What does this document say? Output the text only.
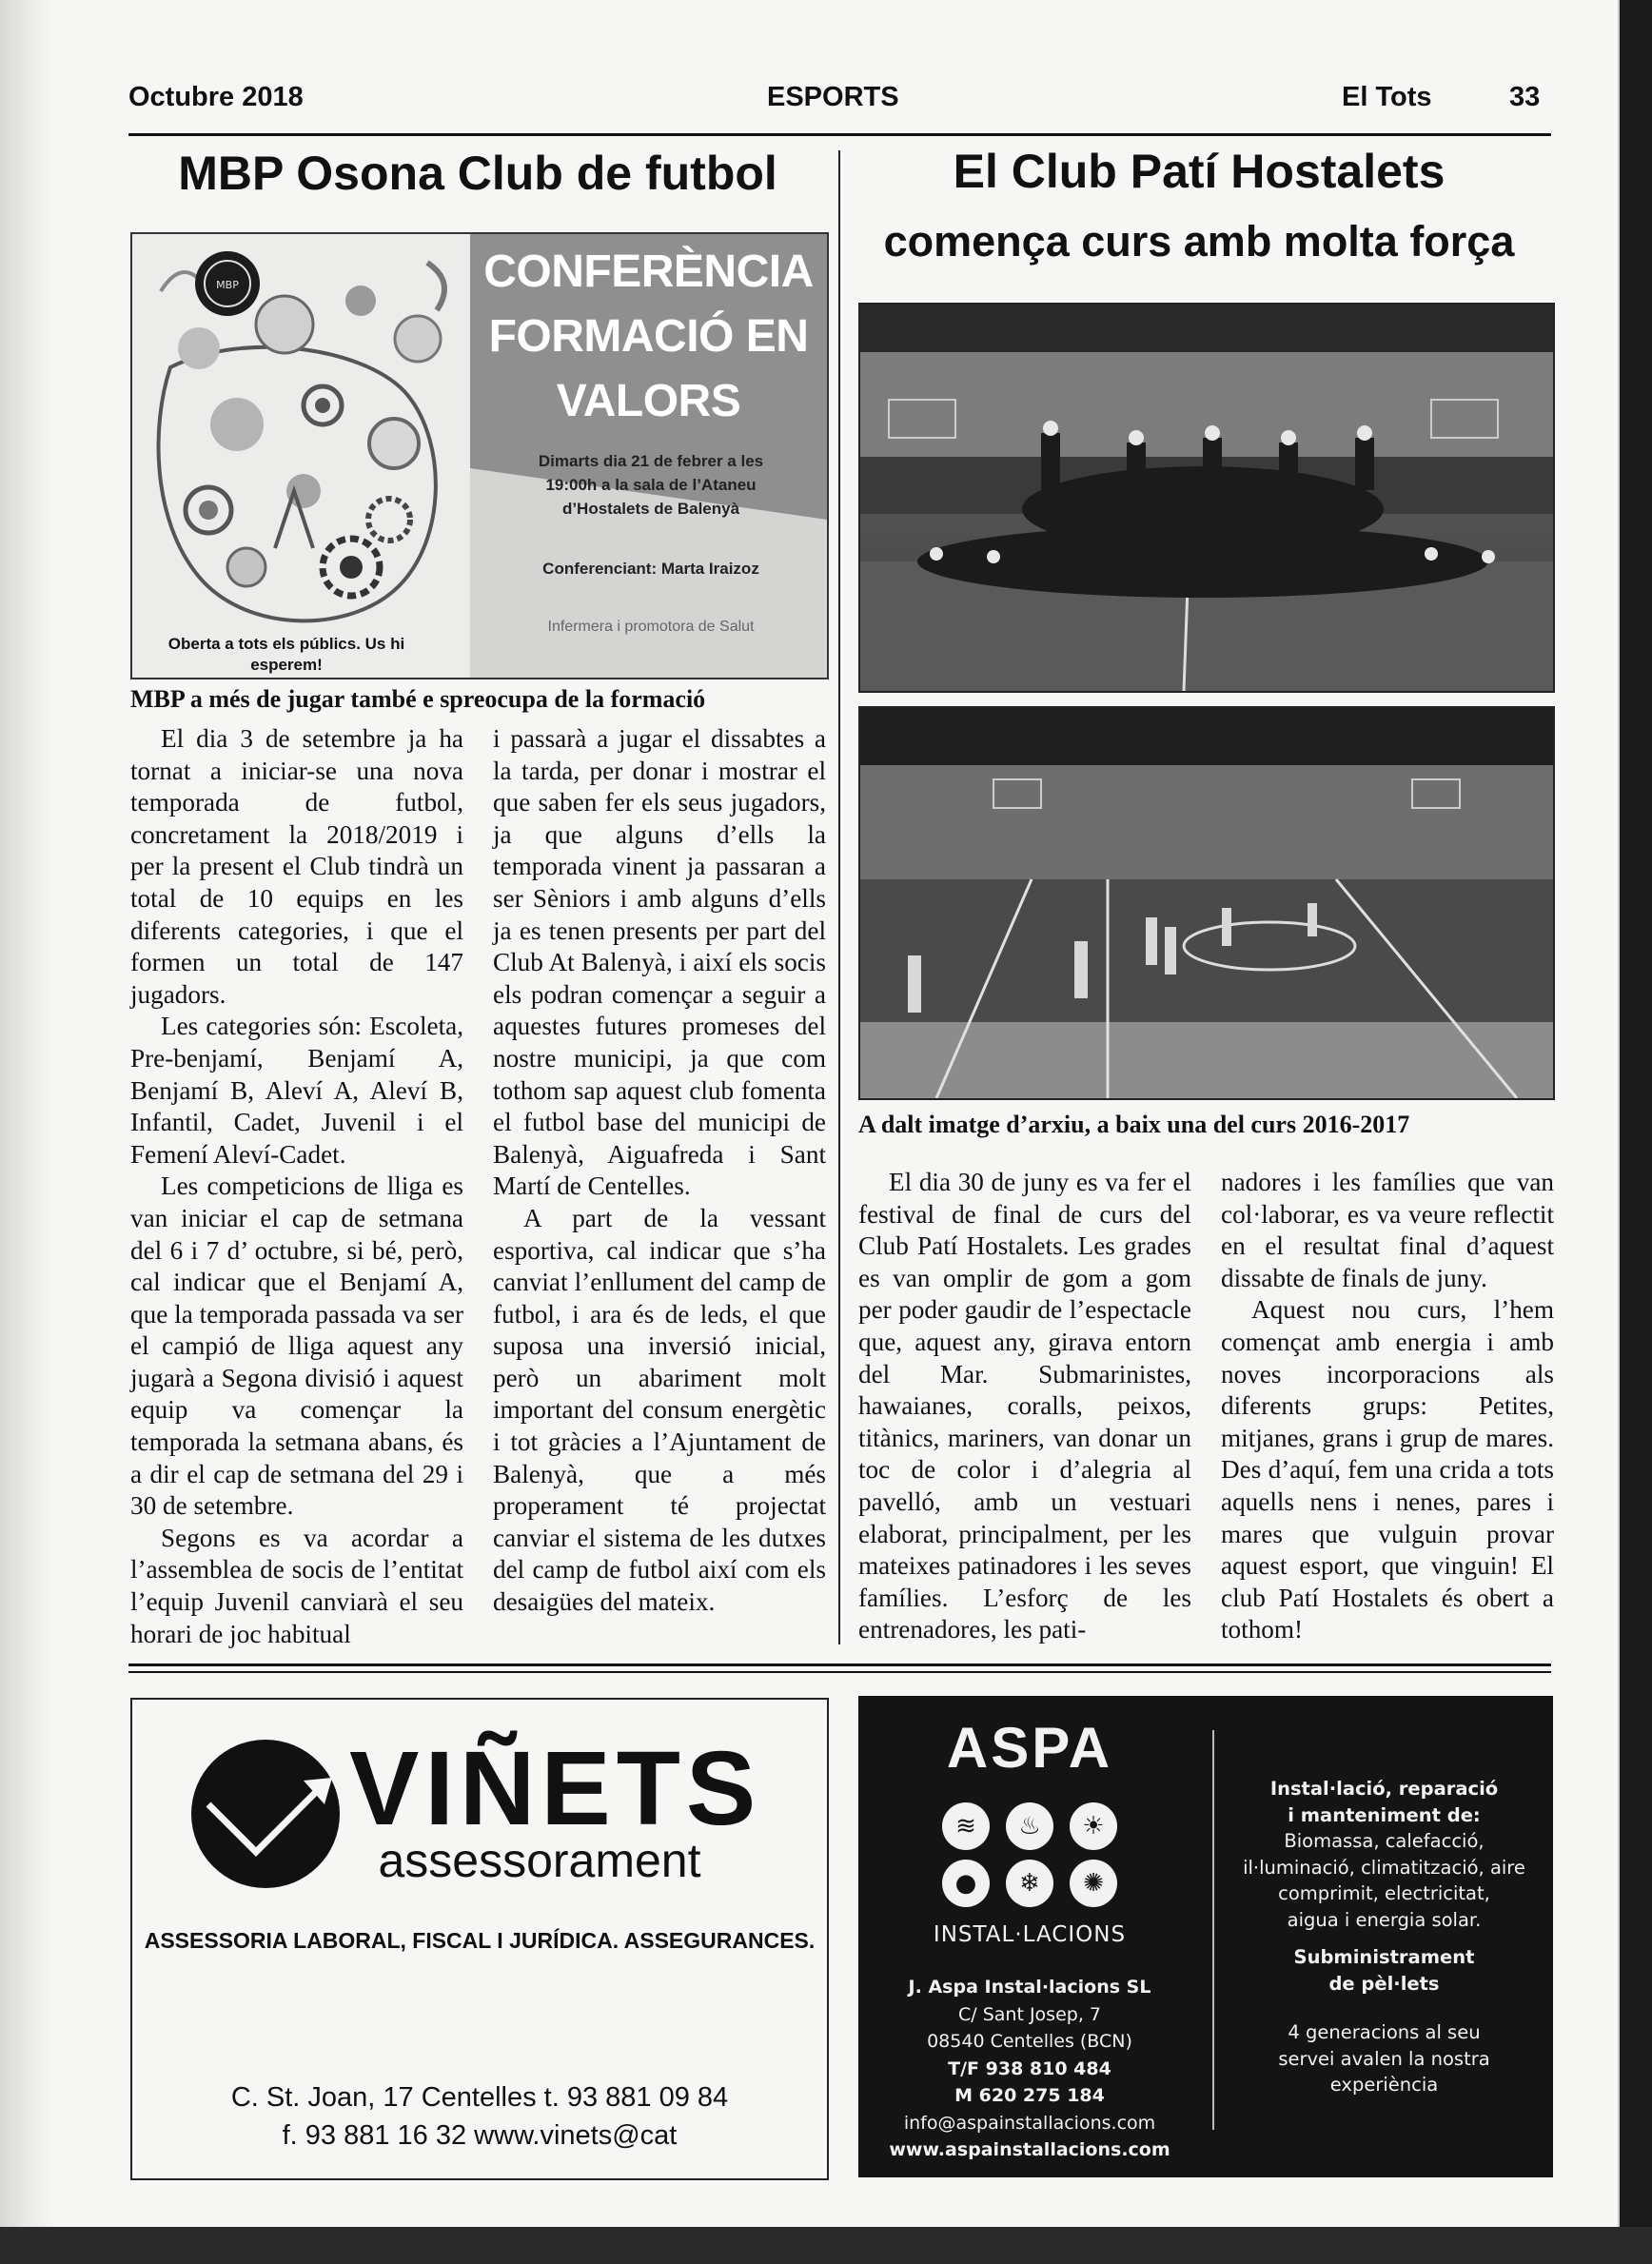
Octubre 2018	ESPORTS	El Tots	33
MBP Osona Club de futbol
MBP	CONFERÈNCIA
FORMACIÓ EN
VALORS
Dimarts dia 21 de febrer a les
19:00h a la sala de l’Ataneu
d’Hostalets de Balenyà
Conferenciant: Marta Iraizoz
Infermera i promotora de Salut
Oberta a tots els públics. Us hi
esperem!
MBP a més de jugar també e spreocupa de la formació

El dia 3 de setembre ja ha tornat a iniciar-se una nova temporada de futbol, concretament la 2018/2019 i per la present el Club tindrà un total de 10 equips en les diferents categories, i que el formen un total de 147 jugadors.

Les categories són: Escoleta, Pre-benjamí, Benjamí A, Benjamí B, Aleví A, Aleví B, Infantil, Cadet, Juvenil i el Femení Aleví-Cadet.

Les competicions de lliga es van iniciar el cap de setmana del 6 i 7 d’ octubre, si bé, però, cal indicar que el Benjamí A, que la temporada passada va ser el campió de lliga aquest any jugarà a Segona divisió i aquest equip va començar la temporada la setmana abans, és a dir el cap de setmana del 29 i 30 de setembre.

Segons es va acordar a l’assemblea de socis de l’entitat l’equip Juvenil canviarà el seu horari de joc habitual

i passarà a jugar el dissabtes a la tarda, per donar i mostrar el que saben fer els seus jugadors, ja que alguns d’ells la temporada vinent ja passaran a ser Sèniors i amb alguns d’ells ja es tenen presents per part del Club At Balenyà, i així els socis els podran començar a seguir a aquestes futures promeses del nostre municipi, ja que com tothom sap aquest club fomenta el futbol base del municipi de Balenyà, Aiguafreda i Sant Martí de Centelles.

A part de la vessant esportiva, cal indicar que s’ha canviat l’enllument del camp de futbol, i ara és de leds, el que suposa una inversió inicial, però un abariment molt important del consum energètic i tot gràcies a l’Ajuntament de Balenyà, que a més properament té projectat canviar el sistema de les dutxes del camp de futbol així com els desaigües del mateix.

El Club Patí Hostalets
comença curs amb molta força
A dalt imatge d’arxiu, a baix una del curs 2016-2017

El dia 30 de juny es va fer el festival de final de curs del Club Patí Hostalets. Les grades es van omplir de gom a gom per poder gaudir de l’espectacle que, aquest any, girava entorn del Mar. Submarinistes, hawaianes, coralls, peixos, titànics, mariners, van donar un toc de color i d’alegria al pavelló, amb un vestuari elaborat, principalment, per les mateixes patinadores i les seves famílies. L’esforç de les entrenadores, les pati-

nadores i les famílies que van col·laborar, es va veure reflectit en el resultat final d’aquest dissabte de finals de juny.

Aquest nou curs, l’hem començat amb energia i amb noves incorporacions als diferents grups: Petites, mitjanes, grans i grup de mares. Des d’aquí, fem una crida a tots aquells nens i nenes, pares i mares que vulguin provar aquest esport, que vinguin! El club Patí Hostalets és obert a tothom!

VIÑETS
assessorament
ASSESSORIA LABORAL, FISCAL I JURÍDICA. ASSEGURANCES.
C. St. Joan, 17 Centelles t. 93 881 09 84
f. 93 881 16 32 www.vinets@cat
ASPA
≋	♨	☀
●	❄	✺
INSTAL·LACIONS
J. Aspa Instal·lacions SL
C/ Sant Josep, 7
08540 Centelles (BCN)
T/F 938 810 484
M 620 275 184
info@aspainstallacions.com
www.aspainstallacions.com
Instal·lació, reparació
i manteniment de:
Biomassa, calefacció,
il·luminació, climatització, aire
comprimit, electricitat,
aigua i energia solar.
Subministrament
de pèl·lets
4 generacions al seu
servei avalen la nostra
experiència
